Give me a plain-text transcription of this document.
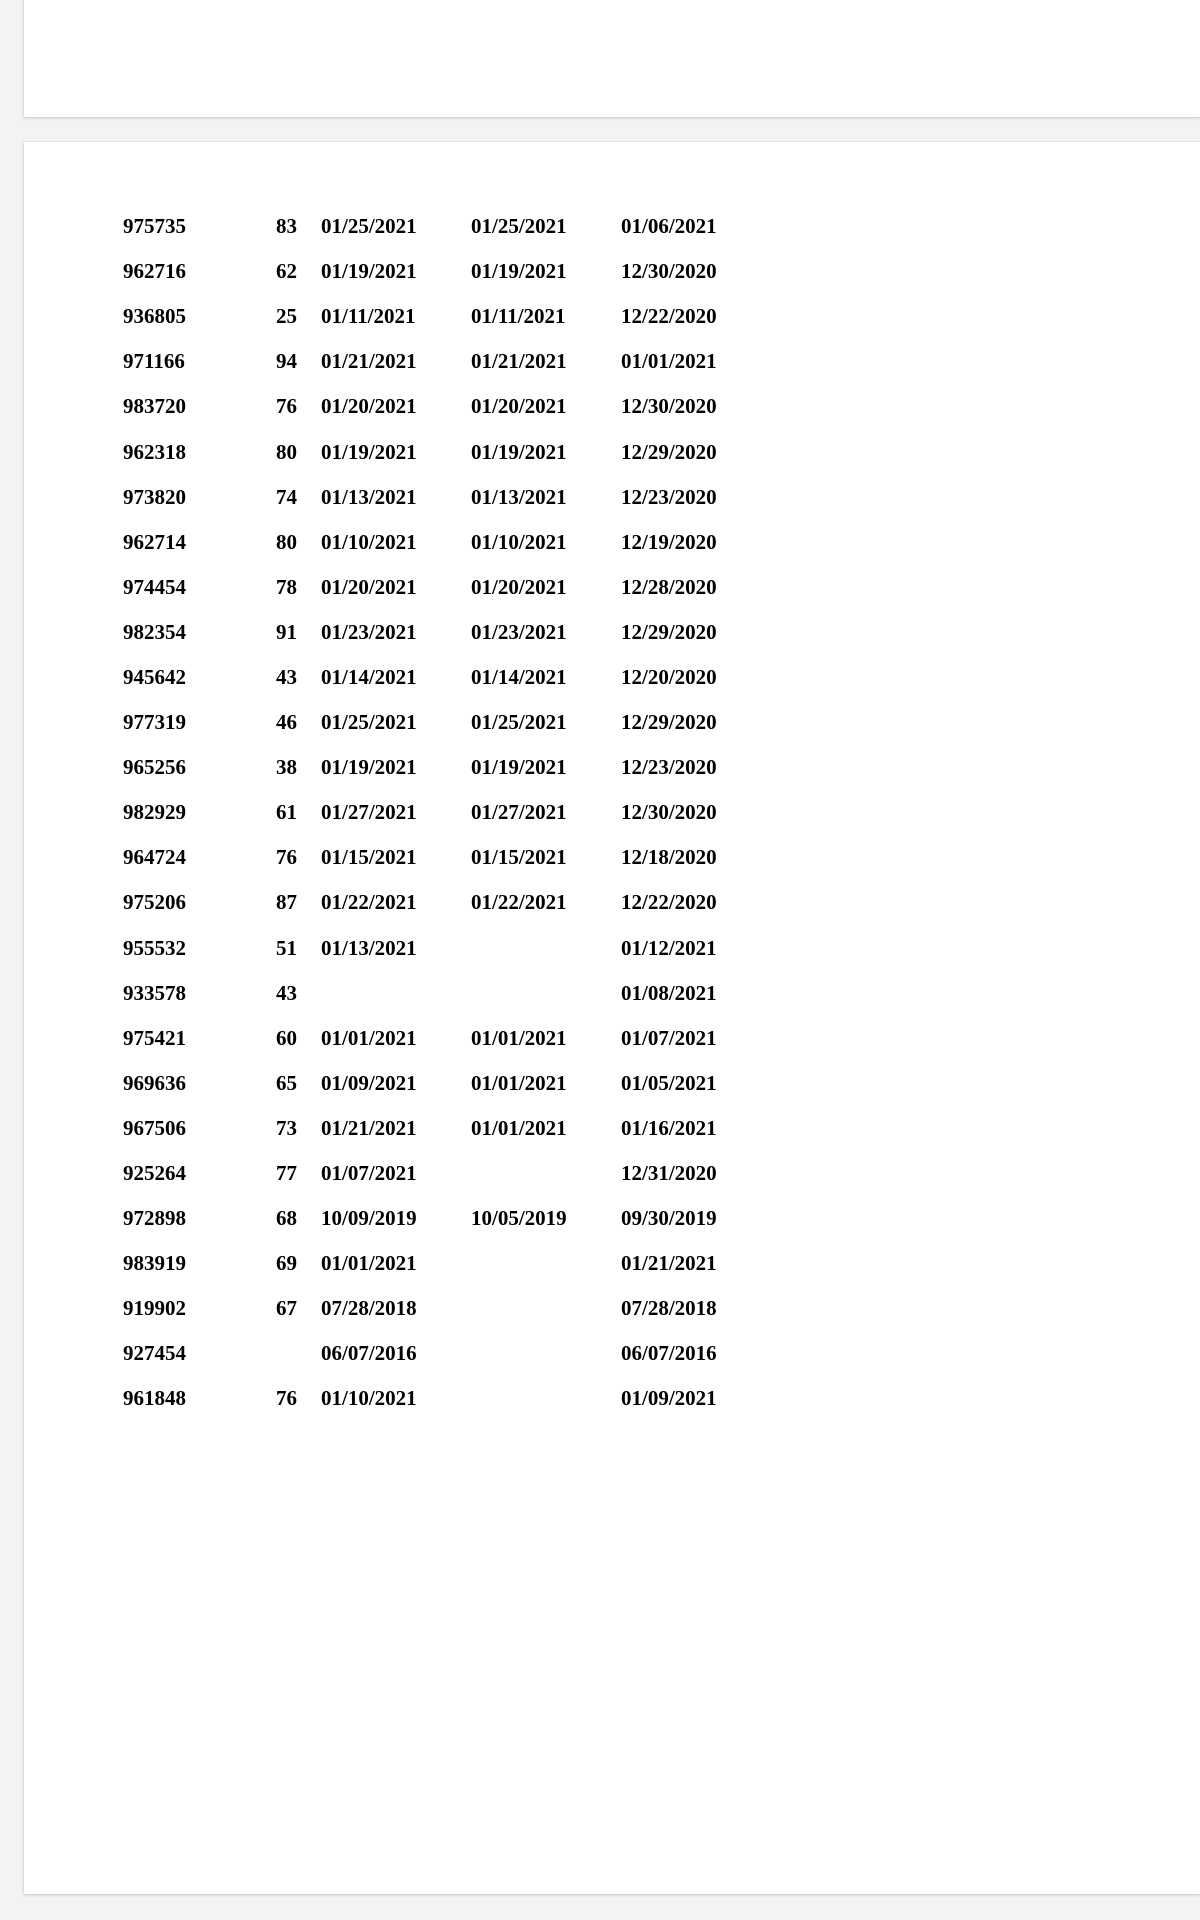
975735	83	01/25/2021	01/25/2021	01/06/2021
962716	62	01/19/2021	01/19/2021	12/30/2020
936805	25	01/11/2021	01/11/2021	12/22/2020
971166	94	01/21/2021	01/21/2021	01/01/2021
983720	76	01/20/2021	01/20/2021	12/30/2020
962318	80	01/19/2021	01/19/2021	12/29/2020
973820	74	01/13/2021	01/13/2021	12/23/2020
962714	80	01/10/2021	01/10/2021	12/19/2020
974454	78	01/20/2021	01/20/2021	12/28/2020
982354	91	01/23/2021	01/23/2021	12/29/2020
945642	43	01/14/2021	01/14/2021	12/20/2020
977319	46	01/25/2021	01/25/2021	12/29/2020
965256	38	01/19/2021	01/19/2021	12/23/2020
982929	61	01/27/2021	01/27/2021	12/30/2020
964724	76	01/15/2021	01/15/2021	12/18/2020
975206	87	01/22/2021	01/22/2021	12/22/2020
955532	51	01/13/2021		01/12/2021
933578	43			01/08/2021
975421	60	01/01/2021	01/01/2021	01/07/2021
969636	65	01/09/2021	01/01/2021	01/05/2021
967506	73	01/21/2021	01/01/2021	01/16/2021
925264	77	01/07/2021		12/31/2020
972898	68	10/09/2019	10/05/2019	09/30/2019
983919	69	01/01/2021		01/21/2021
919902	67	07/28/2018		07/28/2018
927454		06/07/2016		06/07/2016
961848	76	01/10/2021		01/09/2021
